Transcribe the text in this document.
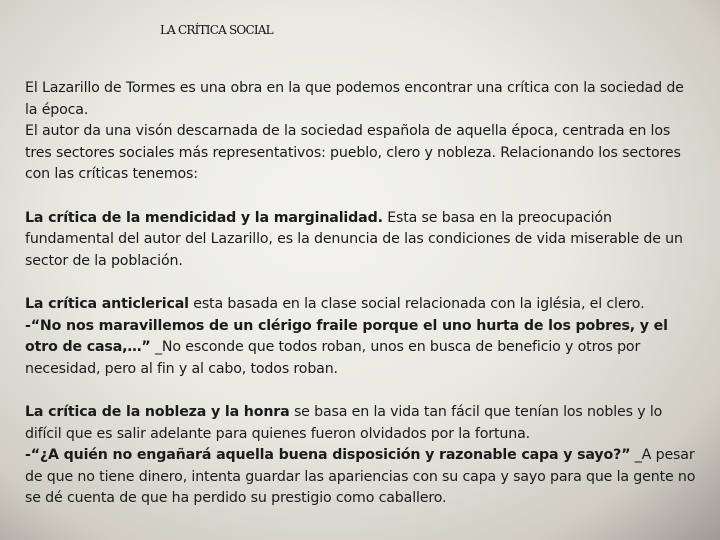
LA CRÍTICA SOCIAL

El Lazarillo de Tormes es una obra en la que podemos encontrar una crítica con la sociedad de la época.
El autor da una visón descarnada de la sociedad española de aquella época, centrada en los tres sectores sociales más representativos: pueblo, clero y nobleza. Relacionando los sectores con las críticas tenemos:

La crítica de la mendicidad y la marginalidad. Esta se basa en la preocupación fundamental del autor del Lazarillo, es la denuncia de las condiciones de vida miserable de un sector de la población.

La crítica anticlerical esta basada en la clase social relacionada con la iglésia, el clero.
-“No nos maravillemos de un clérigo fraile porque el uno hurta de los pobres, y el otro de casa,…” _No esconde que todos roban, unos en busca de beneficio y otros por necesidad, pero al fin y al cabo, todos roban.

La crítica de la nobleza y la honra se basa en la vida tan fácil que tenían los nobles y lo difícil que es salir adelante para quienes fueron olvidados por la fortuna.
-“¿A quién no engañará aquella buena disposición y razonable capa y sayo?” _A pesar de que no tiene dinero, intenta guardar las apariencias con su capa y sayo para que la gente no se dé cuenta de que ha perdido su prestigio como caballero.
